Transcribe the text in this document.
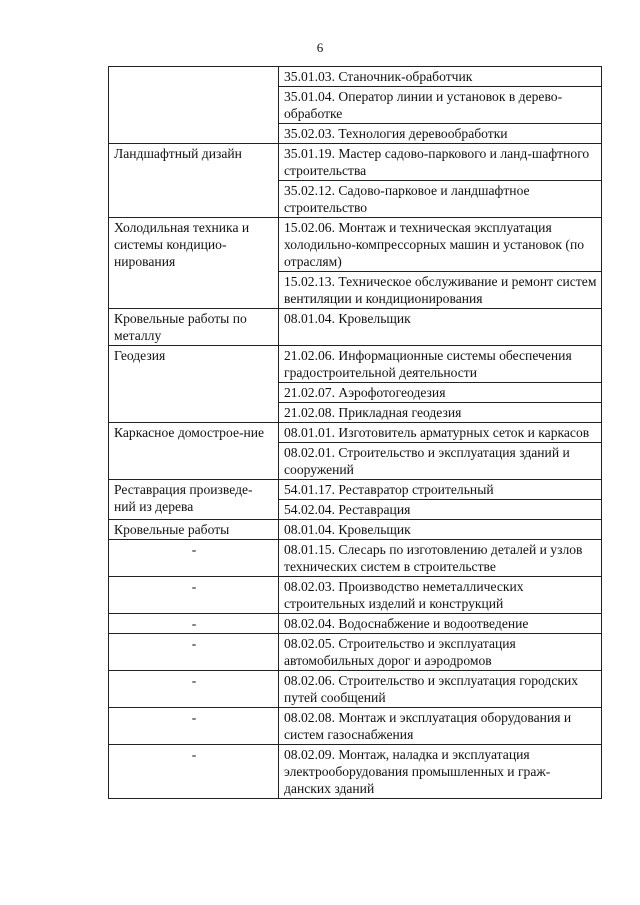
6
	35.01.03. Станочник-обработчик
	35.01.04. Оператор линии и установок в дерево-обработке
	35.02.03. Технология деревообработки
Ландшафтный дизайн	35.01.19. Мастер садово-паркового и ланд-шафтного строительства
	35.02.12. Садово-парковое и ландшафтное строительство
Холодильная техника и системы кондицио-нирования	15.02.06. Монтаж и техническая эксплуатация холодильно-компрессорных машин и установок (по отраслям)
	15.02.13. Техническое обслуживание и ремонт систем вентиляции и кондиционирования
Кровельные работы по металлу	08.01.04. Кровельщик
Геодезия	21.02.06. Информационные системы обеспечения градостроительной деятельности
	21.02.07. Аэрофотогеодезия
	21.02.08. Прикладная геодезия
Каркасное домострое-ние	08.01.01. Изготовитель арматурных сеток и каркасов
	08.02.01. Строительство и эксплуатация зданий и сооружений
Реставрация произведе-ний из дерева	54.01.17. Реставратор строительный
	54.02.04. Реставрация
Кровельные работы	08.01.04. Кровельщик
-	08.01.15. Слесарь по изготовлению деталей и узлов технических систем в строительстве
-	08.02.03. Производство неметаллических строительных изделий и конструкций
-	08.02.04. Водоснабжение и водоотведение
-	08.02.05. Строительство и эксплуатация автомобильных дорог и аэродромов
-	08.02.06. Строительство и эксплуатация городских путей сообщений
-	08.02.08. Монтаж и эксплуатация оборудования и систем газоснабжения
-	08.02.09. Монтаж, наладка и эксплуатация электрооборудования промышленных и граж-данских зданий
